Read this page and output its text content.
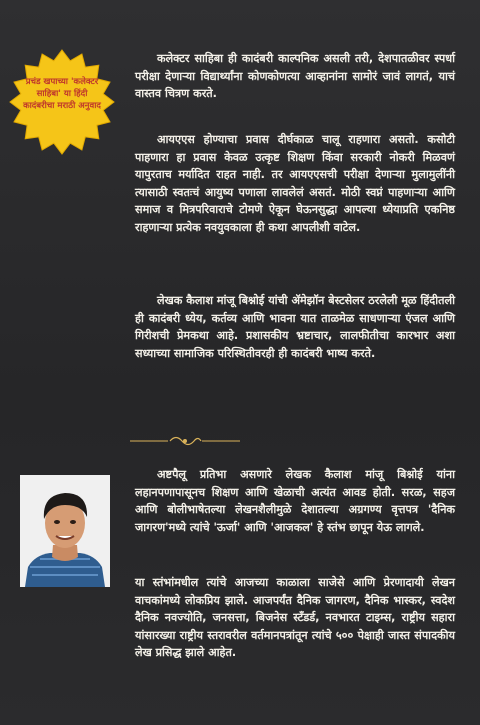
प्रचंड खपाच्या 'कलेक्टर साहिबा' या हिंदी कादंबरीचा मराठी अनुवाद

कलेक्टर साहिबा ही कादंबरी काल्पनिक असली तरी, देशपातळीवर स्पर्धा परीक्षा देणाऱ्या विद्यार्थ्यांना कोणकोणत्या आव्हानांना सामोरं जावं लागतं, याचं वास्तव चित्रण करते.

आयएएस होण्याचा प्रवास दीर्घकाळ चालू राहणारा असतो. कसोटी पाहणारा हा प्रवास केवळ उत्कृष्ट शिक्षण किंवा सरकारी नोकरी मिळवणं यापुरताच मर्यादित राहत नाही. तर आयएएसची परीक्षा देणाऱ्या मुलामुलींनी त्यासाठी स्वतःचं आयुष्य पणाला लावलेलं असतं. मोठी स्वप्नं पाहणाऱ्या आणि समाज व मित्रपरिवाराचे टोमणे ऐकून घेऊनसुद्धा आपल्या ध्येयाप्रति एकनिष्ठ राहणाऱ्या प्रत्येक नवयुवकाला ही कथा आपलीशी वाटेल.

लेखक कैलाश मांजू बिश्नोई यांची ॲमेझॉन बेस्टसेलर ठरलेली मूळ हिंदीतली ही कादंबरी ध्येय, कर्तव्य आणि भावना यात ताळमेळ साधणाऱ्या एंजल आणि गिरीशची प्रेमकथा आहे. प्रशासकीय भ्रष्टाचार, लालफीतीचा कारभार अशा सध्याच्या सामाजिक परिस्थितीवरही ही कादंबरी भाष्य करते.

अष्टपैलू प्रतिभा असणारे लेखक कैलाश मांजू बिश्नोई यांना लहानपणापासूनच शिक्षण आणि खेळाची अत्यंत आवड होती. सरळ, सहज आणि बोलीभाषेतल्या लेखनशैलीमुळे देशातल्या अग्रगण्य वृत्तपत्र 'दैनिक जागरण'मध्ये त्यांचे 'ऊर्जा' आणि 'आजकल' हे स्तंभ छापून येऊ लागले.

या स्तंभांमधील त्यांचे आजच्या काळाला साजेसे आणि प्रेरणादायी लेखन वाचकांमध्ये लोकप्रिय झाले. आजपर्यंत दैनिक जागरण, दैनिक भास्कर, स्वदेश दैनिक नवज्योति, जनसत्ता, बिजनेस स्टँडर्ड, नवभारत टाइम्स, राष्ट्रीय सहारा यांसारख्या राष्ट्रीय स्तरावरील वर्तमानपत्रांतून त्यांचे ५०० पेक्षाही जास्त संपादकीय लेख प्रसिद्ध झाले आहेत.
